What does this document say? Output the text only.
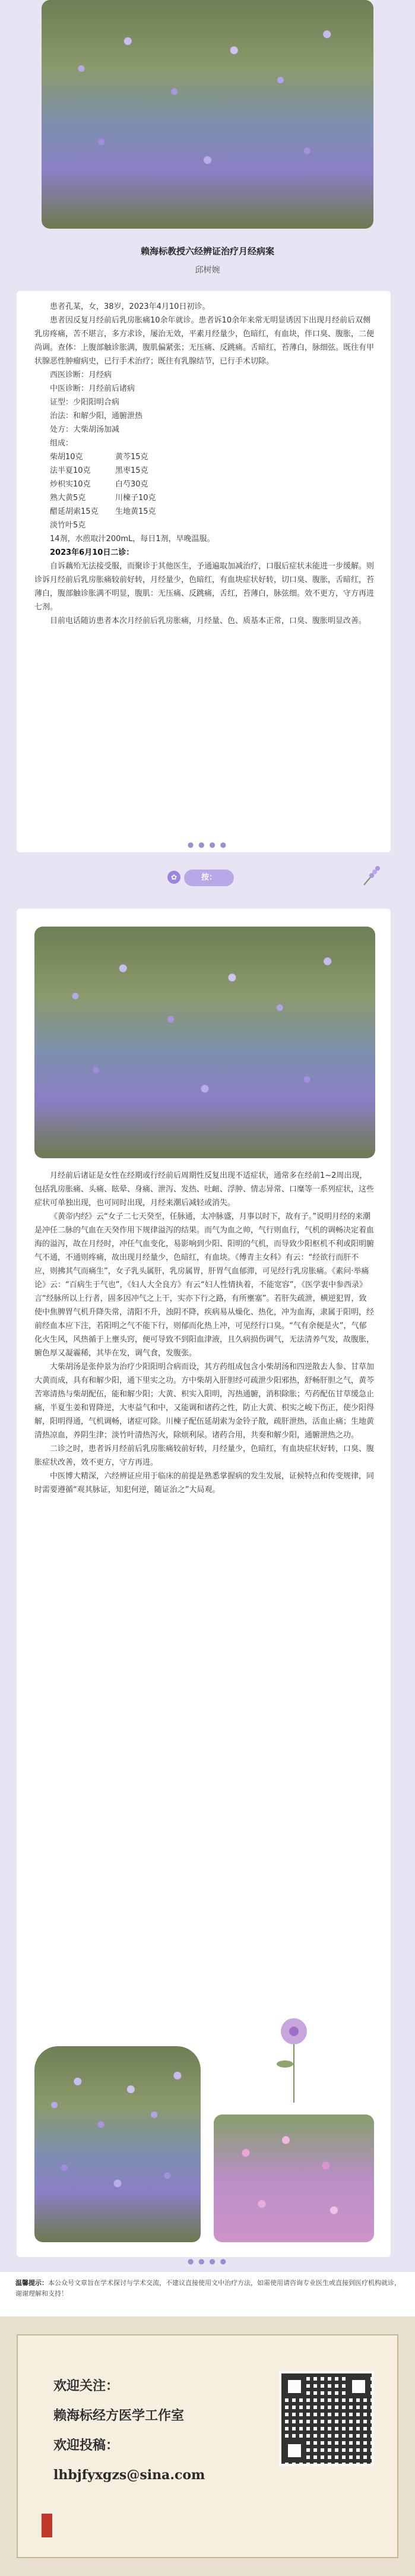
赖海标教授六经辨证治疗月经病案
邱树婉

患者孔某，女，38岁，2023年4月10日初诊。

患者因反复月经前后乳房胀痛10余年就诊。患者诉10余年来常无明显诱因下出现月经前后双侧乳房疼痛，苦不堪言，多方求诊，屡治无效，平素月经量少，色暗红，有血块，伴口臭、腹胀，二便尚调。查体：上腹部触诊胀满，腹肌偏紧张；无压痛、反跳痛。舌暗红，苔薄白，脉细弦。既往有甲状腺恶性肿瘤病史，已行手术治疗；既往有乳腺结节，已行手术切除。

西医诊断：月经病

中医诊断：月经前后诸病

证型：少阳阳明合病

治法：和解少阳，通腑泄热

处方：大柴胡汤加减

组成：

柴胡10克	黄芩15克
法半夏10克	黑枣15克
炒枳实10克	白芍30克
熟大黄5克	川楝子10克
醋延胡索15克 生地黄15克
淡竹叶5克

14剂，水煎取汁200mL，每日1剂，早晚温服。

2023年6月10日二诊：

自诉藕殆无法接受服，而聚诊于其他医生，予通遍取加减治疗，口服后症状未能进一步缓解。则诊诉月经前后乳房胀痛较前好转，月经量少，色暗红，有血块症状好转，切口臭、腹胀，舌暗红，苔薄白，腹部触诊胀满不明显，腹肌：无压痛、反跳痛，舌红，苔薄白，脉弦细。效不更方，守方再进七剂。

目前电话随访患者本次月经前后乳房胀痛，月经量、色、质基本正常，口臭、腹胀明显改善。

● ● ● ●
✿	按：

月经前后诸证是女性在经期或行经前后周期性反复出现不适症状，通常多在经前1~2周出现，包括乳房胀痛、头痛、眩晕、身痛、泄泻、发热、吐衄、浮肿、情志异常、口糜等一系列症状，这些症状可单独出现，也可同时出现，月经来潮后减轻或消失。

《黄帝内经》云“女子二七天癸至，任脉通，太冲脉盛，月事以时下，故有子。”说明月经的来潮是冲任二脉的气血在天癸作用下规律溢泻的结果。而气为血之帅，气行则血行，气机的调畅决定着血海的溢泻，故在月经时，冲任气血变化，易影响到少阳、阳明的气机，而导致少阳枢机不利或阳明腑气不通，不通则疼痛，故出现月经量少，色暗红，有血块。《傅青主女科》有云：“经欲行而肝不应，则拂其气而痛生”，女子乳头属肝，乳房属胃，肝胃气血郁滞，可见经行乳房胀痛。《素问·举痛论》云：“百病生于气也”，《妇人大全良方》有云“妇人性情执着，不能宽容”，《医学衷中参西录》言“经脉所以上行者，固多因冲气之上干，实亦下行之路，有所壅塞”。若肝失疏泄，横逆犯胃，致使中焦脾胃气机升降失常，清阳不升，浊阴不降，疾病易从燥化、热化，冲为血海，隶属于阳明，经前经血本应下注，若阳明之气不能下行，则郁而化热上冲，可见经行口臭。“气有余便是火”，气郁化火生风，风热循于上壅头窍，便可导致不到阳血津液，且久病损伤调气，无法清养气发，故腹胀，腑色厚又凝霾稀，其毕在发，调气食，发腹张。

大柴胡汤是张仲景为治疗少阳阳明合病而设，其方药组成包含小柴胡汤和四逆散去人参、甘草加大黄而成，具有和解少阳，通下里实之功。方中柴胡入肝胆经可疏泄少阳邪热，舒畅肝胆之气，黄芩苦寒清热与柴胡配伍，能和解少阳；大黄、枳实入阳明，泻热通腑，消积除胀；芍药配伍甘草缓急止痛，半夏生姜和胃降逆，大枣益气和中，又能调和诸药之性，防止大黄、枳实之峻下伤正，使少阳得解，阳明得通，气机调畅，诸症可除。川楝子配伍延胡索为金铃子散，疏肝泄热，活血止痛；生地黄清热凉血，养阴生津；淡竹叶清热泻火，除烦利尿。诸药合用，共奏和解少阳，通腑泄热之功。

二诊之时，患者诉月经前后乳房胀痛较前好转，月经量少，色暗红，有血块症状好转，口臭、腹胀症状改善，效不更方，守方再进。

中医博大精深，六经辨证应用于临床的前提是熟悉掌握病的发生发展，证候特点和传变规律，同时需要遵循“观其脉证，知犯何逆，随证治之”大局观。

● ● ● ●
温馨提示：本公众号文章旨在学术探讨与学术交流，不建议直接使用文中治疗方法，如需使用请咨询专业医生或直接到医疗机构就诊，谢谢理解和支持！
欢迎关注：
赖海标经方医学工作室
欢迎投稿：
lhbjfyxgzs@sina.com
